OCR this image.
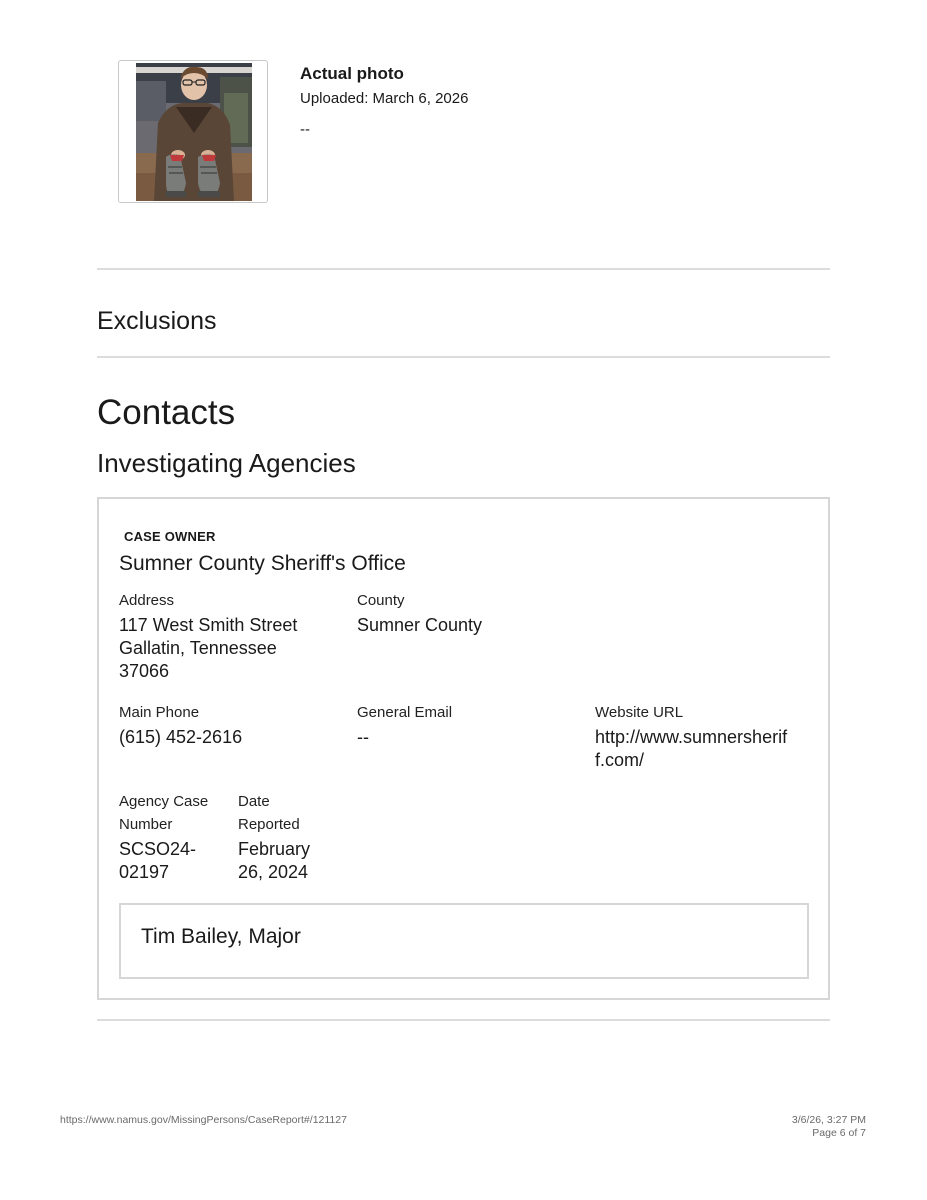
Actual photo

Uploaded: March 6, 2026

--

Exclusions
Contacts
Investigating Agencies
CASE OWNER
Sumner County Sheriff's Office
Address
117 West Smith Street
Gallatin, Tennessee
37066
County
Sumner County
Main Phone
(615) 452-2616
General Email
--
Website URL
http://www.sumnersherif
f.com/
Agency Case
Number
SCSO24-
02197
Date
Reported
February
26, 2024
Tim Bailey, Major
https://www.namus.gov/MissingPersons/CaseReport#/121127	3/6/26, 3:27 PM
Page 6 of 7
